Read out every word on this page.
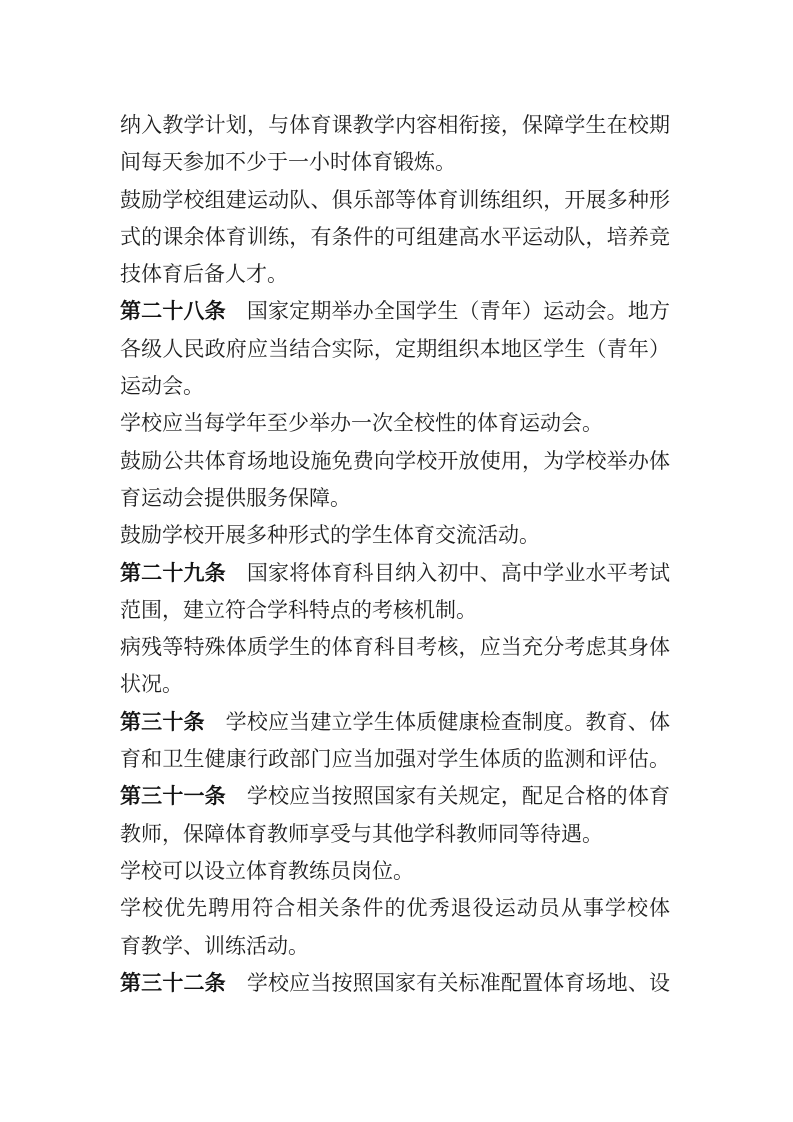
纳入教学计划，与体育课教学内容相衔接，保障学生在校期
间每天参加不少于一小时体育锻炼。
鼓励学校组建运动队、俱乐部等体育训练组织，开展多种形
式的课余体育训练，有条件的可组建高水平运动队，培养竞
技体育后备人才。
第二十八条 国家定期举办全国学生（青年）运动会。地方
各级人民政府应当结合实际，定期组织本地区学生（青年）
运动会。
学校应当每学年至少举办一次全校性的体育运动会。
鼓励公共体育场地设施免费向学校开放使用，为学校举办体
育运动会提供服务保障。
鼓励学校开展多种形式的学生体育交流活动。
第二十九条 国家将体育科目纳入初中、高中学业水平考试
范围，建立符合学科特点的考核机制。
病残等特殊体质学生的体育科目考核，应当充分考虑其身体
状况。
第三十条 学校应当建立学生体质健康检查制度。教育、体
育和卫生健康行政部门应当加强对学生体质的监测和评估。
第三十一条 学校应当按照国家有关规定，配足合格的体育
教师，保障体育教师享受与其他学科教师同等待遇。
学校可以设立体育教练员岗位。
学校优先聘用符合相关条件的优秀退役运动员从事学校体
育教学、训练活动。
第三十二条 学校应当按照国家有关标准配置体育场地、设
